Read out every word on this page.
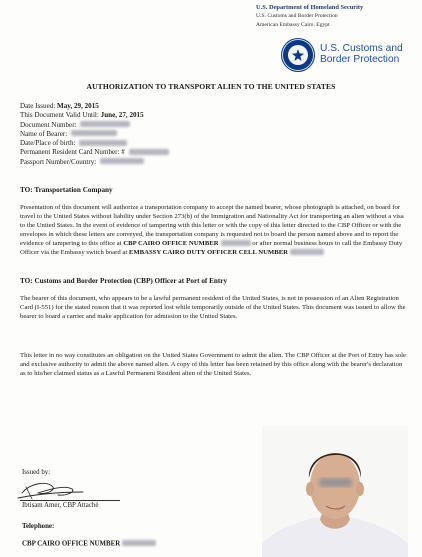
U.S. Department of Homeland Security
U.S. Customs and Border Protection
American Embassy Cairo, Egypt
U.S. Customs and
Border Protection
AUTHORIZATION TO TRANSPORT ALIEN TO THE UNITED STATES
Date Issued: May, 29, 2015
This Document Valid Until: June, 27, 2015
Document Number:
Name of Bearer:
Date/Place of birth:
Permanent Resident Card Number: #
Passport Number/Country:
TO: Transportation Company
Presentation of this document will authorize a transportation company to accept the named bearer, whose photograph is attached, on board for travel to the United States without liability under Section 273(b) of the Immigration and Nationality Act for transporting an alien without a visa to the United States. In the event of evidence of tampering with this letter or with the copy of this letter directed to the CBP Officer or with the envelopes in which these letters are conveyed, the transportation company is requested not to board the person named above and to report the evidence of tampering to this office at CBP CAIRO OFFICE NUMBER	or after normal business hours to call the Embassy Duty Officer via the Embassy switch board at EMBASSY CAIRO DUTY OFFICER CELL NUMBER
TO: Customs and Border Protection (CBP) Officer at Port of Entry
The bearer of this document, who appears to be a lawful permanent resident of the United States, is not in possession of an Alien Registration Card (I-551) for the stated reason that it was reported lost while temporarily outside of the United States. This document was issued to allow the bearer to board a carrier and make application for admission to the United States.
This letter in no way constitutes an obligation on the United States Government to admit the alien. The CBP Officer at the Port of Entry has sole and exclusive authority to admit the above named alien. A copy of this letter has been retained by this office along with the bearer's declaration as to his/her claimed status as a Lawful Permanent Resident alien of the United States.
Issued by:
Ibtisam Amer, CBP Attaché
Telephone:
CBP CAIRO OFFICE NUMBER
